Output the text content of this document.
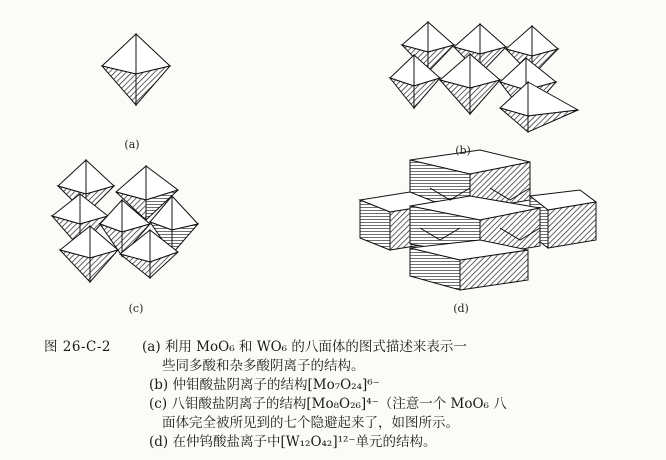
(a)	(b)
(c)	(d)
图 26-C-2 (a) 利用 MoO₆ 和 WO₆ 的八面体的图式描述来表示一
些同多酸和杂多酸阴离子的结构。
(b) 仲钼酸盐阴离子的结构[Mo₇O₂₄]⁶⁻
(c) 八钼酸盐阴离子的结构[Mo₈O₂₆]⁴⁻（注意一个 MoO₆ 八
面体完全被所见到的七个隐避起来了，如图所示。
(d) 在仲钨酸盐离子中[W₁₂O₄₂]¹²⁻单元的结构。
